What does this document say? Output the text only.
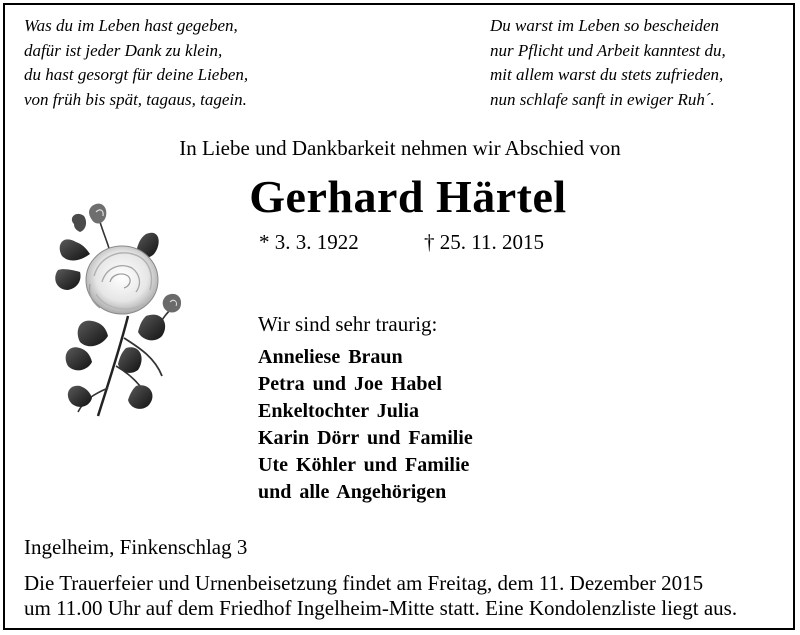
Was du im Leben hast gegeben,
dafür ist jeder Dank zu klein,
du hast gesorgt für deine Lieben,
von früh bis spät, tagaus, tagein.
Du warst im Leben so bescheiden
nur Pflicht und Arbeit kanntest du,
mit allem warst du stets zufrieden,
nun schlafe sanft in ewiger Ruh´.
In Liebe und Dankbarkeit nehmen wir Abschied von
Gerhard Härtel
* 3. 3. 1922	† 25. 11. 2015
Wir sind sehr traurig:
Anneliese Braun
Petra und Joe Habel
Enkeltochter Julia
Karin Dörr und Familie
Ute Köhler und Familie
und alle Angehörigen
Ingelheim, Finkenschlag 3
Die Trauerfeier und Urnenbeisetzung findet am Freitag, dem 11. Dezember 2015
um 11.00 Uhr auf dem Friedhof Ingelheim-Mitte statt. Eine Kondolenzliste liegt aus.
